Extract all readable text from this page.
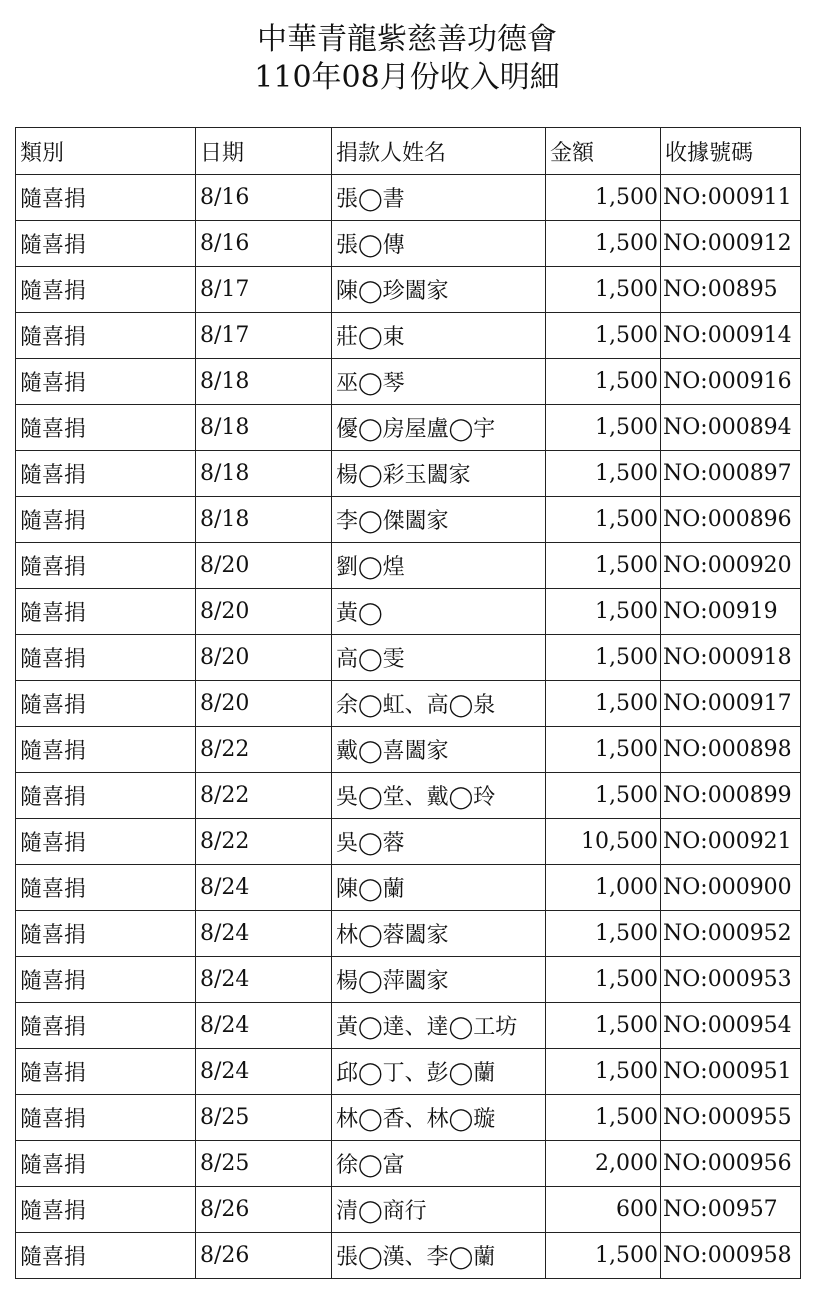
中華青龍紫慈善功德會
110年08月份收入明細
類別	日期	捐款人姓名	金額	收據號碼
隨喜捐	8/16	張◯書	1,500	NO:000911
隨喜捐	8/16	張◯傳	1,500	NO:000912
隨喜捐	8/17	陳◯珍闔家	1,500	NO:00895
隨喜捐	8/17	莊◯東	1,500	NO:000914
隨喜捐	8/18	巫◯琴	1,500	NO:000916
隨喜捐	8/18	優◯房屋盧◯宇	1,500	NO:000894
隨喜捐	8/18	楊◯彩玉闔家	1,500	NO:000897
隨喜捐	8/18	李◯傑闔家	1,500	NO:000896
隨喜捐	8/20	劉◯煌	1,500	NO:000920
隨喜捐	8/20	黃◯	1,500	NO:00919
隨喜捐	8/20	高◯雯	1,500	NO:000918
隨喜捐	8/20	余◯虹、高◯泉	1,500	NO:000917
隨喜捐	8/22	戴◯喜闔家	1,500	NO:000898
隨喜捐	8/22	吳◯堂、戴◯玲	1,500	NO:000899
隨喜捐	8/22	吳◯蓉	10,500	NO:000921
隨喜捐	8/24	陳◯蘭	1,000	NO:000900
隨喜捐	8/24	林◯蓉闔家	1,500	NO:000952
隨喜捐	8/24	楊◯萍闔家	1,500	NO:000953
隨喜捐	8/24	黃◯達、達◯工坊	1,500	NO:000954
隨喜捐	8/24	邱◯丁、彭◯蘭	1,500	NO:000951
隨喜捐	8/25	林◯香、林◯璇	1,500	NO:000955
隨喜捐	8/25	徐◯富	2,000	NO:000956
隨喜捐	8/26	清◯商行	600	NO:00957
隨喜捐	8/26	張◯漢、李◯蘭	1,500	NO:000958
